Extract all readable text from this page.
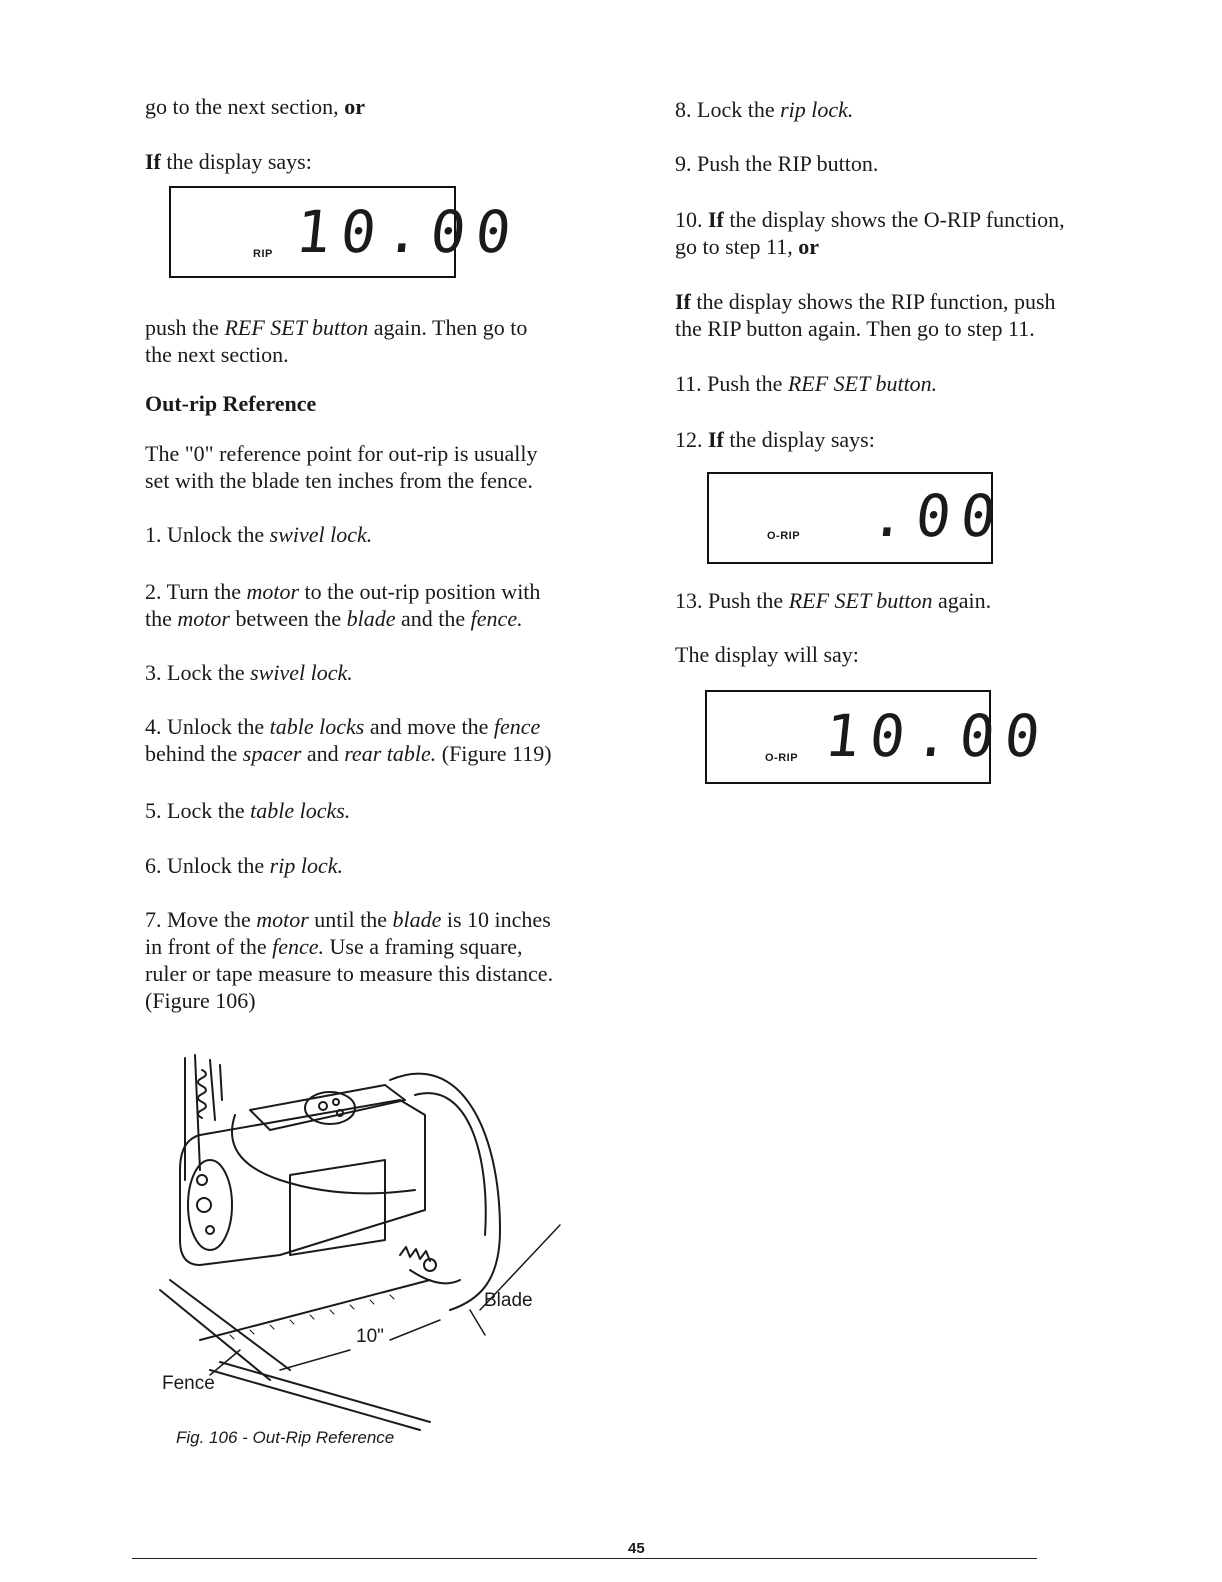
go to the next section, or

If the display says:

RIP 10.00

push the REF SET button again. Then go to

the next section.

Out-rip Reference

The "0" reference point for out-rip is usually

set with the blade ten inches from the fence.

1. Unlock the swivel lock.

2. Turn the motor to the out-rip position with

the motor between the blade and the fence.

3. Lock the swivel lock.

4. Unlock the table locks and move the fence

behind the spacer and rear table. (Figure 119)

5. Lock the table locks.

6. Unlock the rip lock.

7. Move the motor until the blade is 10 inches

in front of the fence. Use a framing square,

ruler or tape measure to measure this distance.

(Figure 106)

Blade
10"
Fence
Fig. 106 - Out-Rip Reference

8. Lock the rip lock.

9. Push the RIP button.

10. If the display shows the O-RIP function,

go to step 11, or

If the display shows the RIP function, push

the RIP button again. Then go to step 11.

11. Push the REF SET button.

12. If the display says:

O-RIP .00

13. Push the REF SET button again.

The display will say:

O-RIP 10.00
45
